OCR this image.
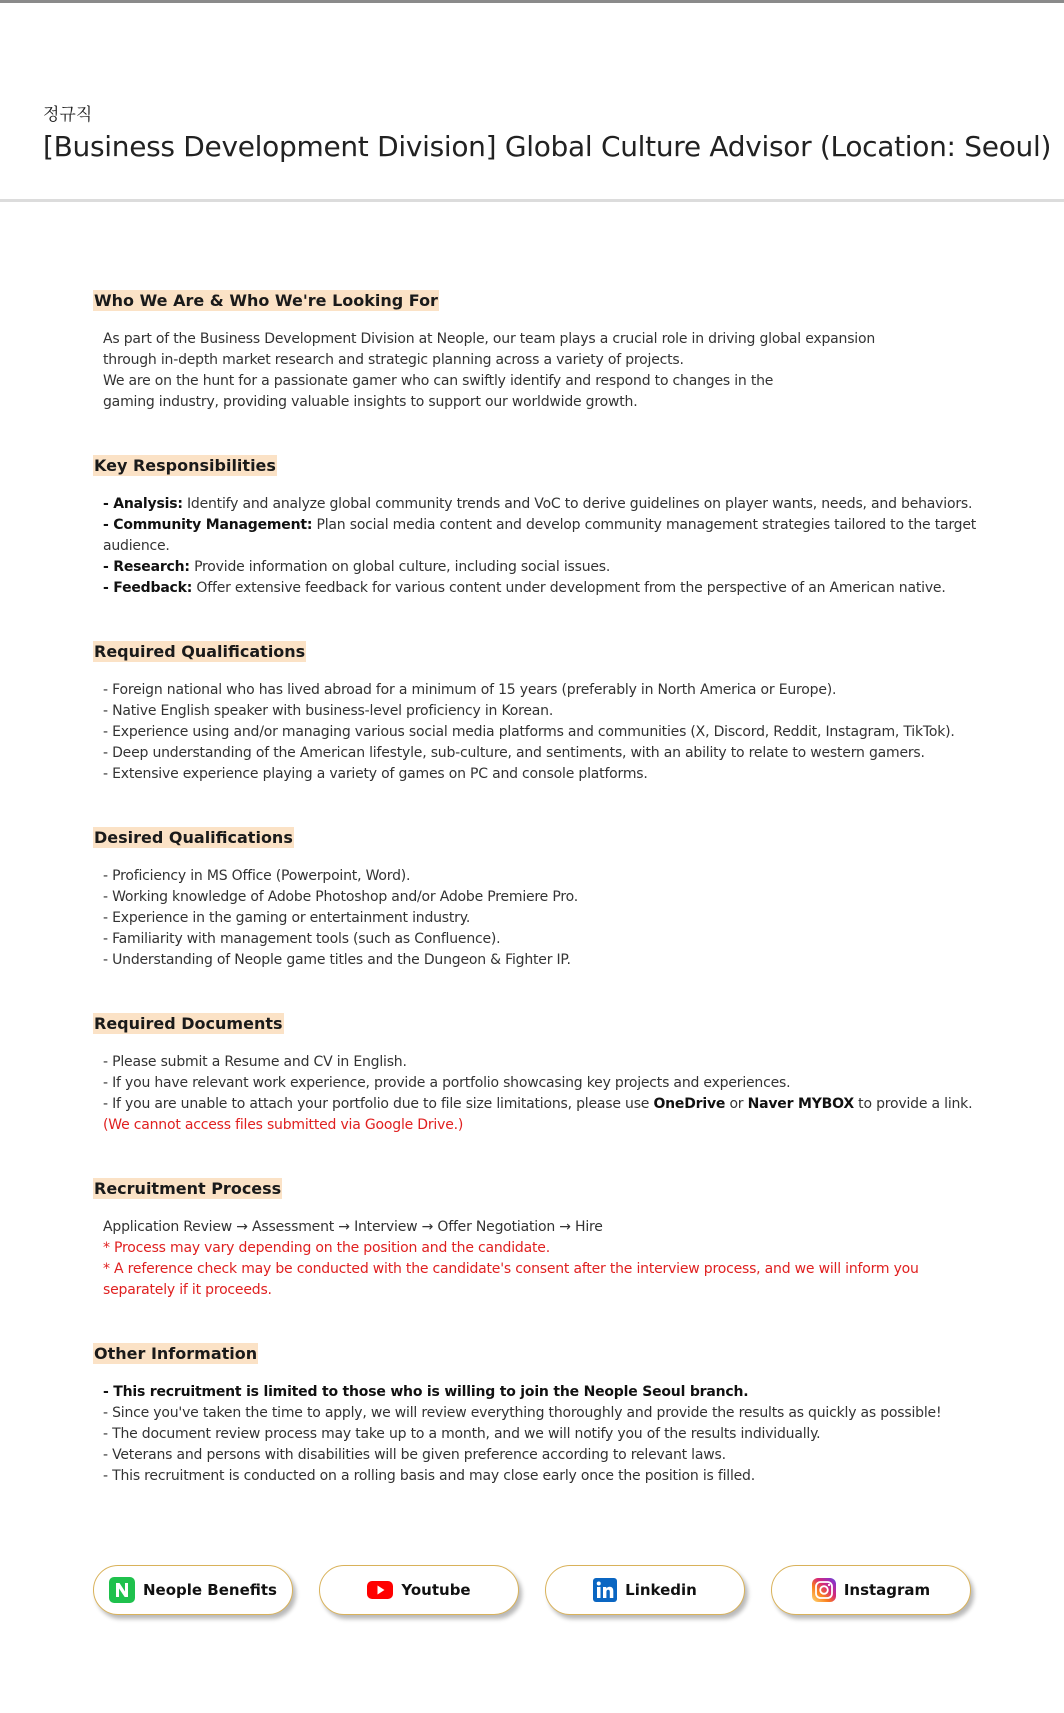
정규직
[Business Development Division] Global Culture Advisor (Location: Seoul)
Who We Are & Who We're Looking For
As part of the Business Development Division at Neople, our team plays a crucial role in driving global expansion
through in-depth market research and strategic planning across a variety of projects.
We are on the hunt for a passionate gamer who can swiftly identify and respond to changes in the
gaming industry, providing valuable insights to support our worldwide growth.
Key Responsibilities
- Analysis: Identify and analyze global community trends and VoC to derive guidelines on player wants, needs, and behaviors.
- Community Management: Plan social media content and develop community management strategies tailored to the target audience.
- Research: Provide information on global culture, including social issues.
- Feedback: Offer extensive feedback for various content under development from the perspective of an American native.
Required Qualifications
- Foreign national who has lived abroad for a minimum of 15 years (preferably in North America or Europe).
- Native English speaker with business-level proficiency in Korean.
- Experience using and/or managing various social media platforms and communities (X, Discord, Reddit, Instagram, TikTok).
- Deep understanding of the American lifestyle, sub-culture, and sentiments, with an ability to relate to western gamers.
- Extensive experience playing a variety of games on PC and console platforms.
Desired Qualifications
- Proficiency in MS Office (Powerpoint, Word).
- Working knowledge of Adobe Photoshop and/or Adobe Premiere Pro.
- Experience in the gaming or entertainment industry.
- Familiarity with management tools (such as Confluence).
- Understanding of Neople game titles and the Dungeon & Fighter IP.
Required Documents
- Please submit a Resume and CV in English.
- If you have relevant work experience, provide a portfolio showcasing key projects and experiences.
- If you are unable to attach your portfolio due to file size limitations, please use OneDrive or Naver MYBOX to provide a link.
(We cannot access files submitted via Google Drive.)
Recruitment Process
Application Review → Assessment → Interview → Offer Negotiation → Hire
* Process may vary depending on the position and the candidate.
* A reference check may be conducted with the candidate's consent after the interview process, and we will inform you separately if it proceeds.
Other Information
- This recruitment is limited to those who is willing to join the Neople Seoul branch.
- Since you've taken the time to apply, we will review everything thoroughly and provide the results as quickly as possible!
- The document review process may take up to a month, and we will notify you of the results individually.
- Veterans and persons with disabilities will be given preference according to relevant laws.
- This recruitment is conducted on a rolling basis and may close early once the position is filled.
Neople Benefits	Youtube	Linkedin	Instagram
